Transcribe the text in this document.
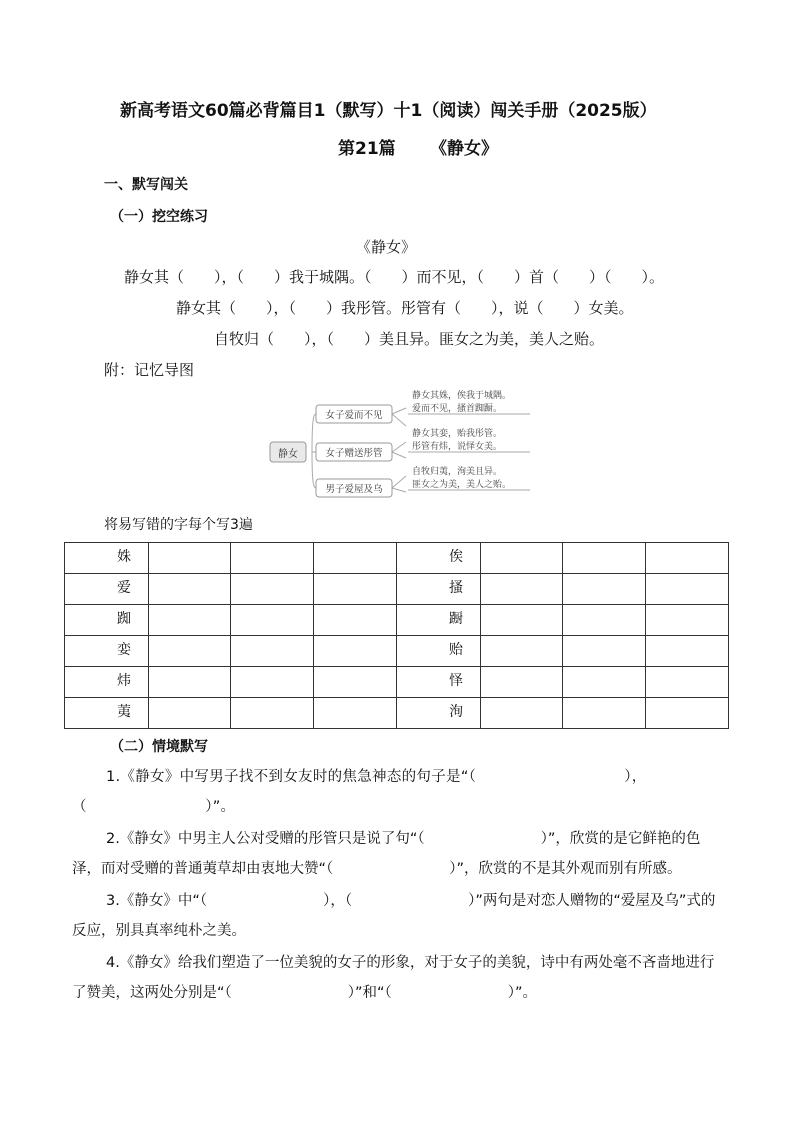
新高考语文60篇必背篇目1（默写）十1（阅读）闯关手册（2025版）
第21篇 《静女》
一、默写闯关
（一）挖空练习
《静女》
静女其（　　），（　　）我于城隅。（　　）而不见，（　　）首（　　）（　　）。
静女其（　　），（　　）我彤管。彤管有（　　），说（　　）女美。
自牧归（　　），（　　）美且异。匪女之为美，美人之贻。
附：记忆导图
静女
女子爱而不见
女子赠送彤管
男子爱屋及乌
静女其姝，俟我于城隅。
爱而不见，搔首踟蹰。
静女其娈，贻我彤管。
彤管有炜，说怿女美。
自牧归荑，洵美且异。
匪女之为美，美人之贻。
将易写错的字每个写3遍
姝				俟			
爱				搔			
踟				蹰			
娈				贻			
炜				怿			
荑				洵			
（二）情境默写
1.《静女》中写男子找不到女友时的焦急神态的句子是“（　　　　　　　　　　），（　　　　　　　　）”。
2.《静女》中男主人公对受赠的彤管只是说了句“（　　　　　　　　）”，欣赏的是它鲜艳的色泽，而对受赠的普通荑草却由衷地大赞“（　　　　　　　　）”，欣赏的不是其外观而别有所感。
3.《静女》中“（　　　　　　　　），（　　　　　　　　）”两句是对恋人赠物的“爱屋及乌”式的反应，别具真率纯朴之美。
4.《静女》给我们塑造了一位美貌的女子的形象，对于女子的美貌，诗中有两处毫不吝啬地进行了赞美，这两处分别是“（　　　　　　　　）”和“（　　　　　　　　）”。
